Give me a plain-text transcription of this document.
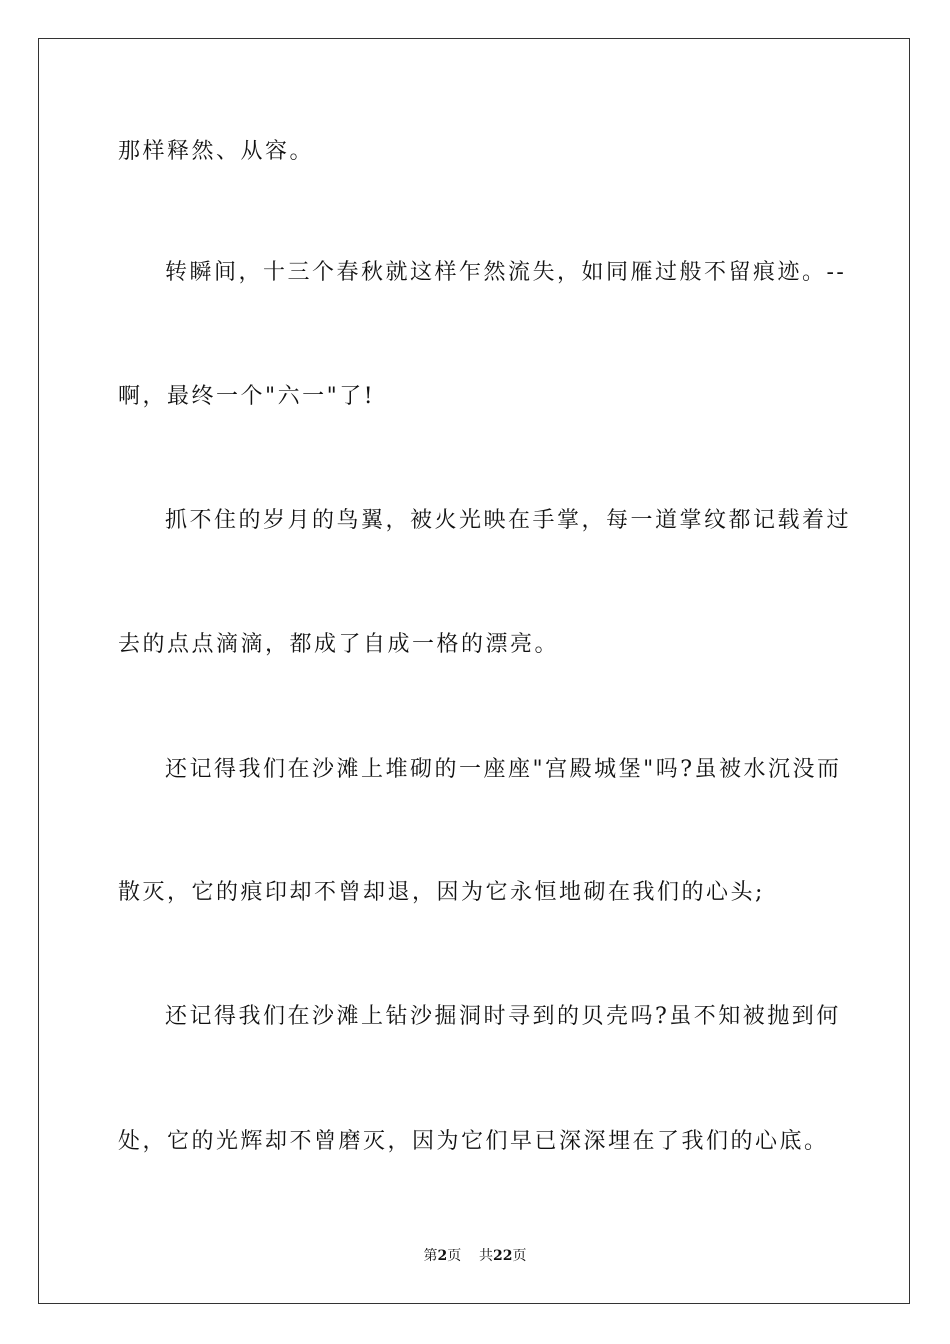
那样释然、从容。
转瞬间，十三个春秋就这样乍然流失，如同雁过般不留痕迹。--
啊，最终一个"六一"了!
抓不住的岁月的鸟翼，被火光映在手掌，每一道掌纹都记载着过
去的点点滴滴，都成了自成一格的漂亮。
还记得我们在沙滩上堆砌的一座座"宫殿城堡"吗?虽被水沉没而
散灭，它的痕印却不曾却退，因为它永恒地砌在我们的心头;
还记得我们在沙滩上钻沙掘洞时寻到的贝壳吗?虽不知被抛到何
处，它的光辉却不曾磨灭，因为它们早已深深埋在了我们的心底。
第2页 共22页
